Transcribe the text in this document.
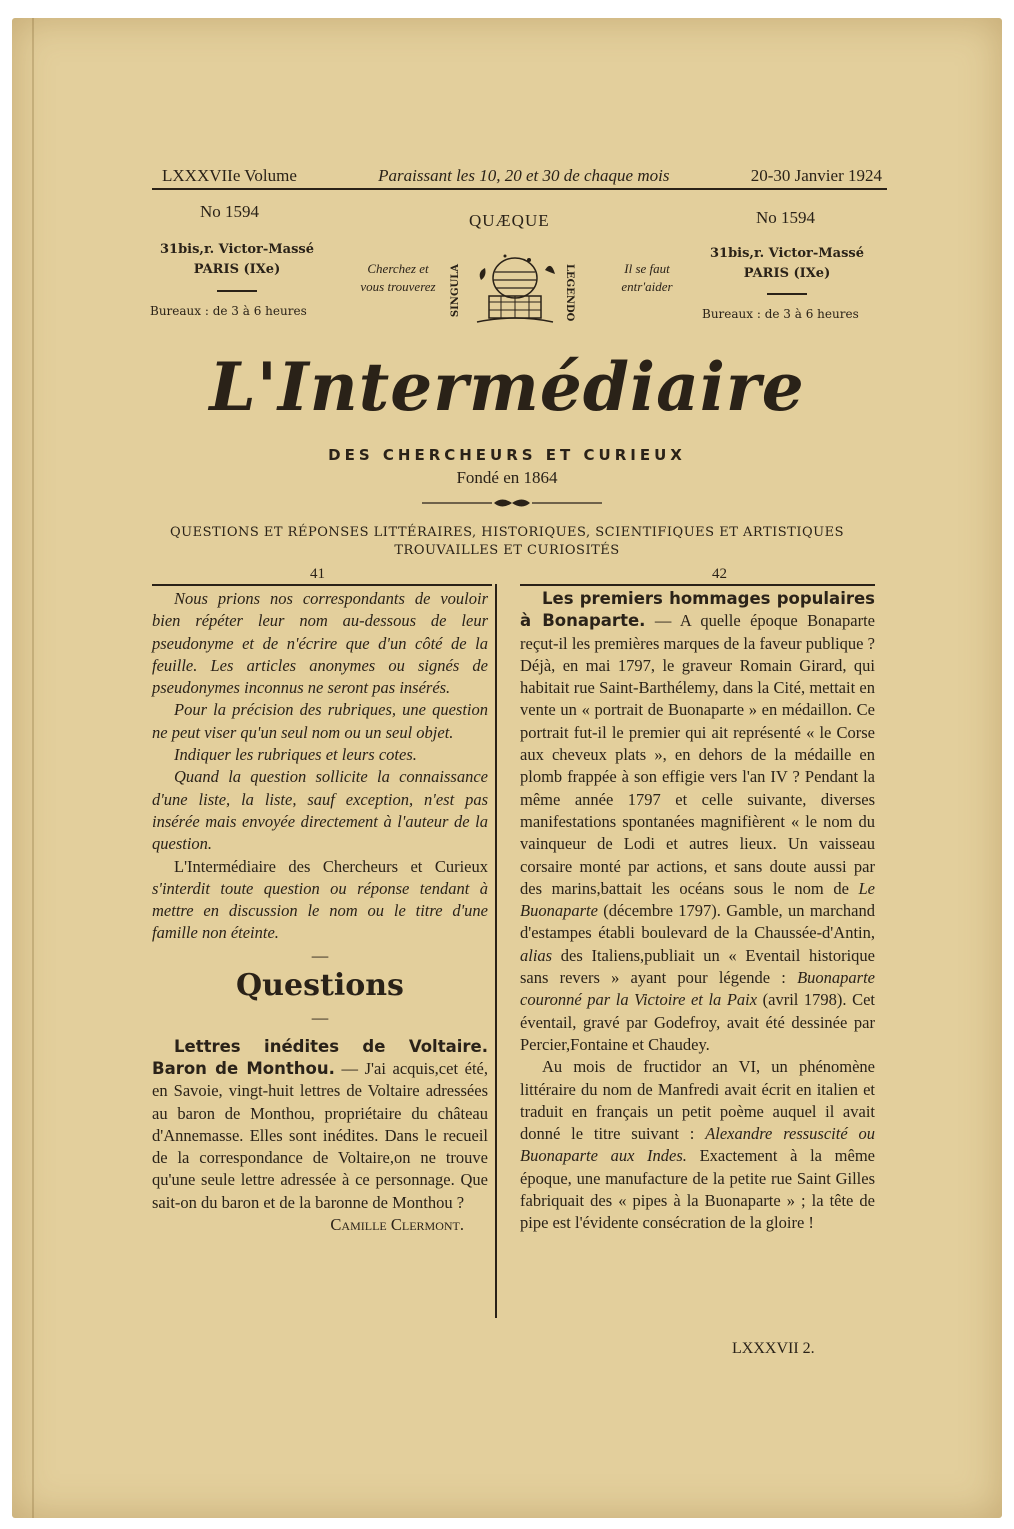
LXXXVIIe Volume	Paraissant les 10, 20 et 30 de chaque mois	20-30 Janvier 1924
No 1594
31bis,r. Victor-Massé
PARIS (IXe)
Bureaux : de 3 à 6 heures
Cherchez et
vous trouverez
QUÆQUE
SINGULA	LEGENDO	Il se faut
entr'aider
No 1594
31bis,r. Victor-Massé
PARIS (IXe)
Bureaux : de 3 à 6 heures
L'Intermédiaire
DES CHERCHEURS ET CURIEUX
Fondé en 1864
QUESTIONS ET RÉPONSES LITTÉRAIRES, HISTORIQUES, SCIENTIFIQUES ET ARTISTIQUES
TROUVAILLES ET CURIOSITÉS
41	42

Nous prions nos correspondants de vouloir bien répéter leur nom au-dessous de leur pseudonyme et de n'écrire que d'un côté de la feuille. Les articles anonymes ou signés de pseudonymes inconnus ne seront pas insérés.

Pour la précision des rubriques, une question ne peut viser qu'un seul nom ou un seul objet.

Indiquer les rubriques et leurs cotes.

Quand la question sollicite la connaissance d'une liste, la liste, sauf exception, n'est pas insérée mais envoyée directement à l'auteur de la question.

L'Intermédiaire des Chercheurs et Curieux s'interdit toute question ou réponse tendant à mettre en discussion le nom ou le titre d'une famille non éteinte.

—

Questions

—

Lettres inédites de Voltaire. Baron de Monthou. — J'ai acquis,cet été, en Savoie, vingt-huit lettres de Voltaire adressées au baron de Monthou, propriétaire du château d'Annemasse. Elles sont inédites. Dans le recueil de la correspondance de Voltaire,on ne trouve qu'une seule lettre adressée à ce personnage. Que sait-on du baron et de la baronne de Monthou ?

Camille Clermont.

Les premiers hommages populaires à Bonaparte. — A quelle époque Bonaparte reçut-il les premières marques de la faveur publique ? Déjà, en mai 1797, le graveur Romain Girard, qui habitait rue Saint-Barthélemy, dans la Cité, mettait en vente un « portrait de Buonaparte » en médaillon. Ce portrait fut-il le premier qui ait représenté « le Corse aux cheveux plats », en dehors de la médaille en plomb frappée à son effigie vers l'an IV ? Pendant la même année 1797 et celle suivante, diverses manifestations spontanées magnifièrent « le nom du vainqueur de Lodi et autres lieux. Un vaisseau corsaire monté par actions, et sans doute aussi par des marins,battait les océans sous le nom de Le Buonaparte (décembre 1797). Gamble, un marchand d'estampes établi boulevard de la Chaussée-d'Antin, alias des Italiens,publiait un « Eventail historique sans revers » ayant pour légende : Buonaparte couronné par la Victoire et la Paix (avril 1798). Cet éventail, gravé par Godefroy, avait été dessinée par Percier,Fontaine et Chaudey.

Au mois de fructidor an VI, un phénomène littéraire du nom de Manfredi avait écrit en italien et traduit en français un petit poème auquel il avait donné le titre suivant : Alexandre ressuscité ou Buonaparte aux Indes. Exactement à la même époque, une manufacture de la petite rue Saint Gilles fabriquait des « pipes à la Buonaparte » ; la tête de pipe est l'évidente consécration de la gloire !

LXXXVII 2.
